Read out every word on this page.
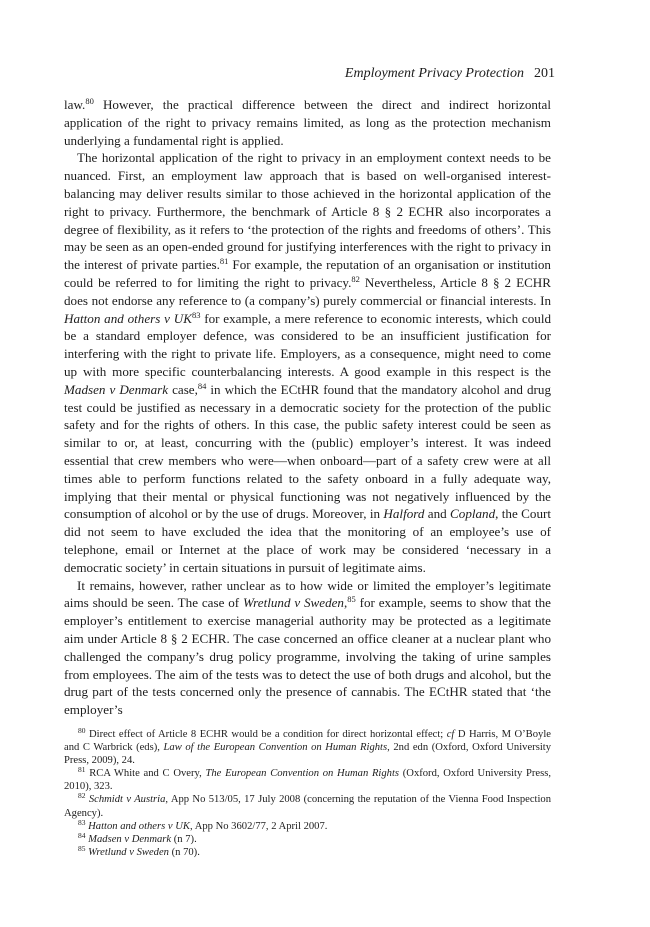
Employment Privacy Protection 201

law.$^{80}$ However, the practical difference between the direct and indirect horizontal application of the right to privacy remains limited, as long as the protection mechanism underlying a fundamental right is applied.

The horizontal application of the right to privacy in an employment context needs to be nuanced. First, an employment law approach that is based on well-organised interest-balancing may deliver results similar to those achieved in the horizontal application of the right to privacy. Furthermore, the benchmark of Article 8 § 2 ECHR also incorporates a degree of flexibility, as it refers to ‘the protection of the rights and freedoms of others’. This may be seen as an open-ended ground for justifying interferences with the right to privacy in the interest of private parties.$^{81}$ For example, the reputation of an organisation or institution could be referred to for limiting the right to privacy.$^{82}$ Nevertheless, Article 8 § 2 ECHR does not endorse any reference to (a company’s) purely commercial or financial interests. In Hatton and others v UK$^{83}$ for example, a mere reference to economic interests, which could be a standard employer defence, was considered to be an insufficient justification for interfering with the right to private life. Employers, as a consequence, might need to come up with more specific counterbalancing interests. A good example in this respect is the Madsen v Denmark case,$^{84}$ in which the ECtHR found that the mandatory alcohol and drug test could be justified as necessary in a democratic society for the protection of the public safety and for the rights of others. In this case, the public safety interest could be seen as similar to or, at least, concurring with the (public) employer’s interest. It was indeed essential that crew members who were—when onboard—part of a safety crew were at all times able to perform functions related to the safety onboard in a fully adequate way, implying that their mental or physical functioning was not negatively influenced by the consumption of alcohol or by the use of drugs. Moreover, in Halford and Copland, the Court did not seem to have excluded the idea that the monitoring of an employee’s use of telephone, email or Internet at the place of work may be considered ‘necessary in a democratic society’ in certain situations in pursuit of legitimate aims.

It remains, however, rather unclear as to how wide or limited the employer’s legitimate aims should be seen. The case of Wretlund v Sweden,$^{85}$ for example, seems to show that the employer’s entitlement to exercise managerial authority may be protected as a legitimate aim under Article 8 § 2 ECHR. The case concerned an office cleaner at a nuclear plant who challenged the company’s drug policy programme, involving the taking of urine samples from employees. The aim of the tests was to detect the use of both drugs and alcohol, but the drug part of the tests concerned only the presence of cannabis. The ECtHR stated that ‘the employer’s

$^{80}$ Direct effect of Article 8 ECHR would be a condition for direct horizontal effect; cf D Harris, M O’Boyle and C Warbrick (eds), Law of the European Convention on Human Rights, 2nd edn (Oxford, Oxford University Press, 2009), 24.

$^{81}$ RCA White and C Overy, The European Convention on Human Rights (Oxford, Oxford University Press, 2010), 323.

$^{82}$ Schmidt v Austria, App No 513/05, 17 July 2008 (concerning the reputation of the Vienna Food Inspection Agency).

$^{83}$ Hatton and others v UK, App No 3602/77, 2 April 2007.

$^{84}$ Madsen v Denmark (n 7).

$^{85}$ Wretlund v Sweden (n 70).
